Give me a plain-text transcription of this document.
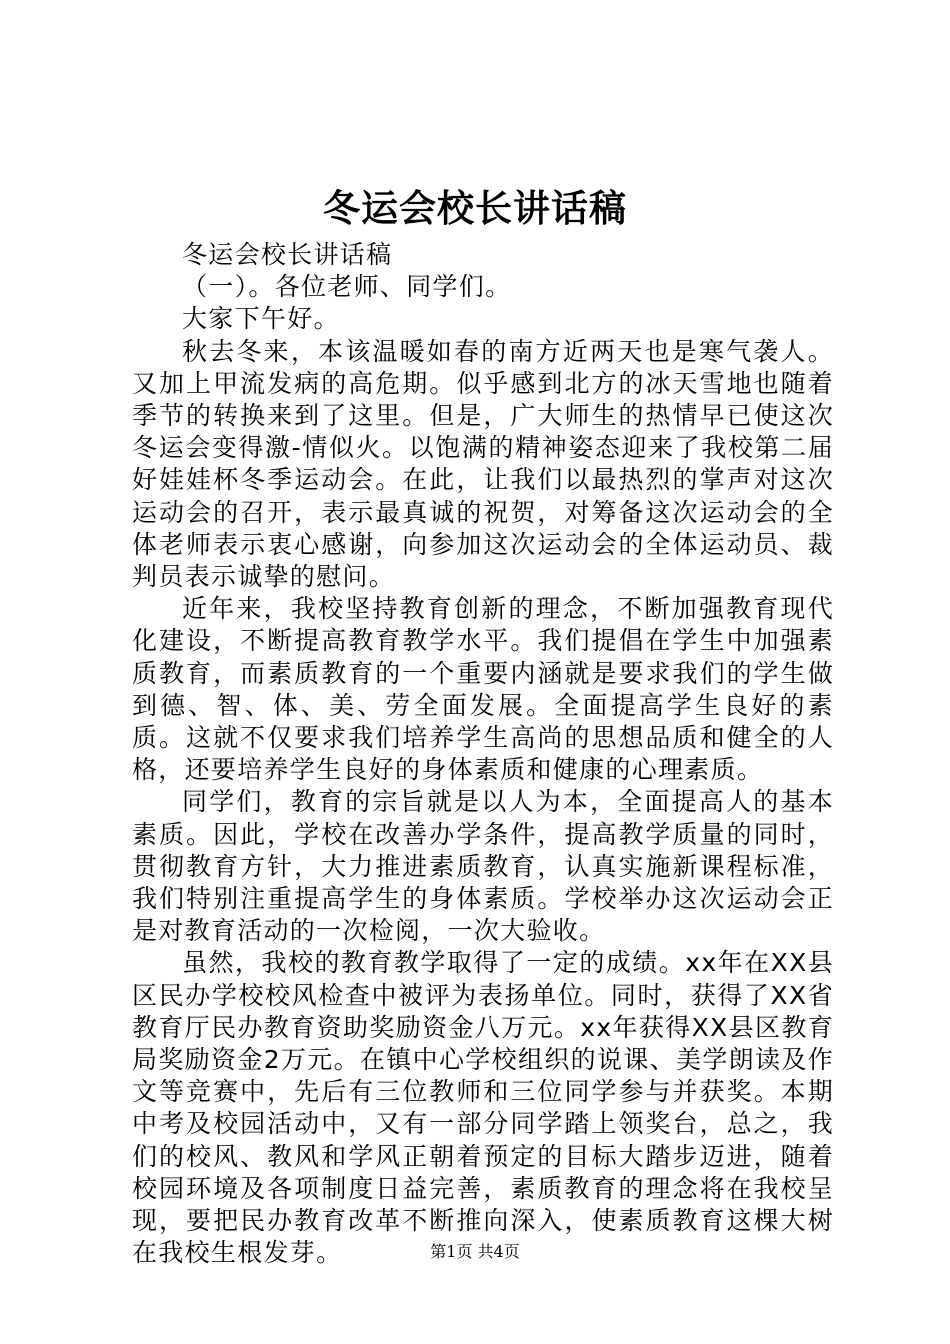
冬运会校长讲话稿

冬运会校长讲话稿

（一）。各位老师、同学们。

大家下午好。

秋去冬来，本该温暖如春的南方近两天也是寒气袭人。又加上甲流发病的高危期。似乎感到北方的冰天雪地也随着季节的转换来到了这里。但是，广大师生的热情早已使这次冬运会变得激-情似火。以饱满的精神姿态迎来了我校第二届好娃娃杯冬季运动会。在此，让我们以最热烈的掌声对这次运动会的召开，表示最真诚的祝贺，对筹备这次运动会的全体老师表示衷心感谢，向参加这次运动会的全体运动员、裁判员表示诚挚的慰问。

近年来，我校坚持教育创新的理念，不断加强教育现代化建设，不断提高教育教学水平。我们提倡在学生中加强素质教育，而素质教育的一个重要内涵就是要求我们的学生做到德、智、体、美、劳全面发展。全面提高学生良好的素质。这就不仅要求我们培养学生高尚的思想品质和健全的人格，还要培养学生良好的身体素质和健康的心理素质。

同学们，教育的宗旨就是以人为本，全面提高人的基本素质。因此，学校在改善办学条件，提高教学质量的同时，贯彻教育方针，大力推进素质教育，认真实施新课程标准，我们特别注重提高学生的身体素质。学校举办这次运动会正是对教育活动的一次检阅，一次大验收。

虽然，我校的教育教学取得了一定的成绩。xx年在XX县区民办学校校风检查中被评为表扬单位。同时，获得了XX省教育厅民办教育资助奖励资金八万元。xx年获得XX县区教育局奖励资金2万元。在镇中心学校组织的说课、美学朗读及作文等竞赛中，先后有三位教师和三位同学参与并获奖。本期中考及校园活动中，又有一部分同学踏上领奖台，总之，我们的校风、教风和学风正朝着预定的目标大踏步迈进，随着校园环境及各项制度日益完善，素质教育的理念将在我校呈现，要把民办教育改革不断推向深入，使素质教育这棵大树在我校生根发芽。	第1页 共4页
